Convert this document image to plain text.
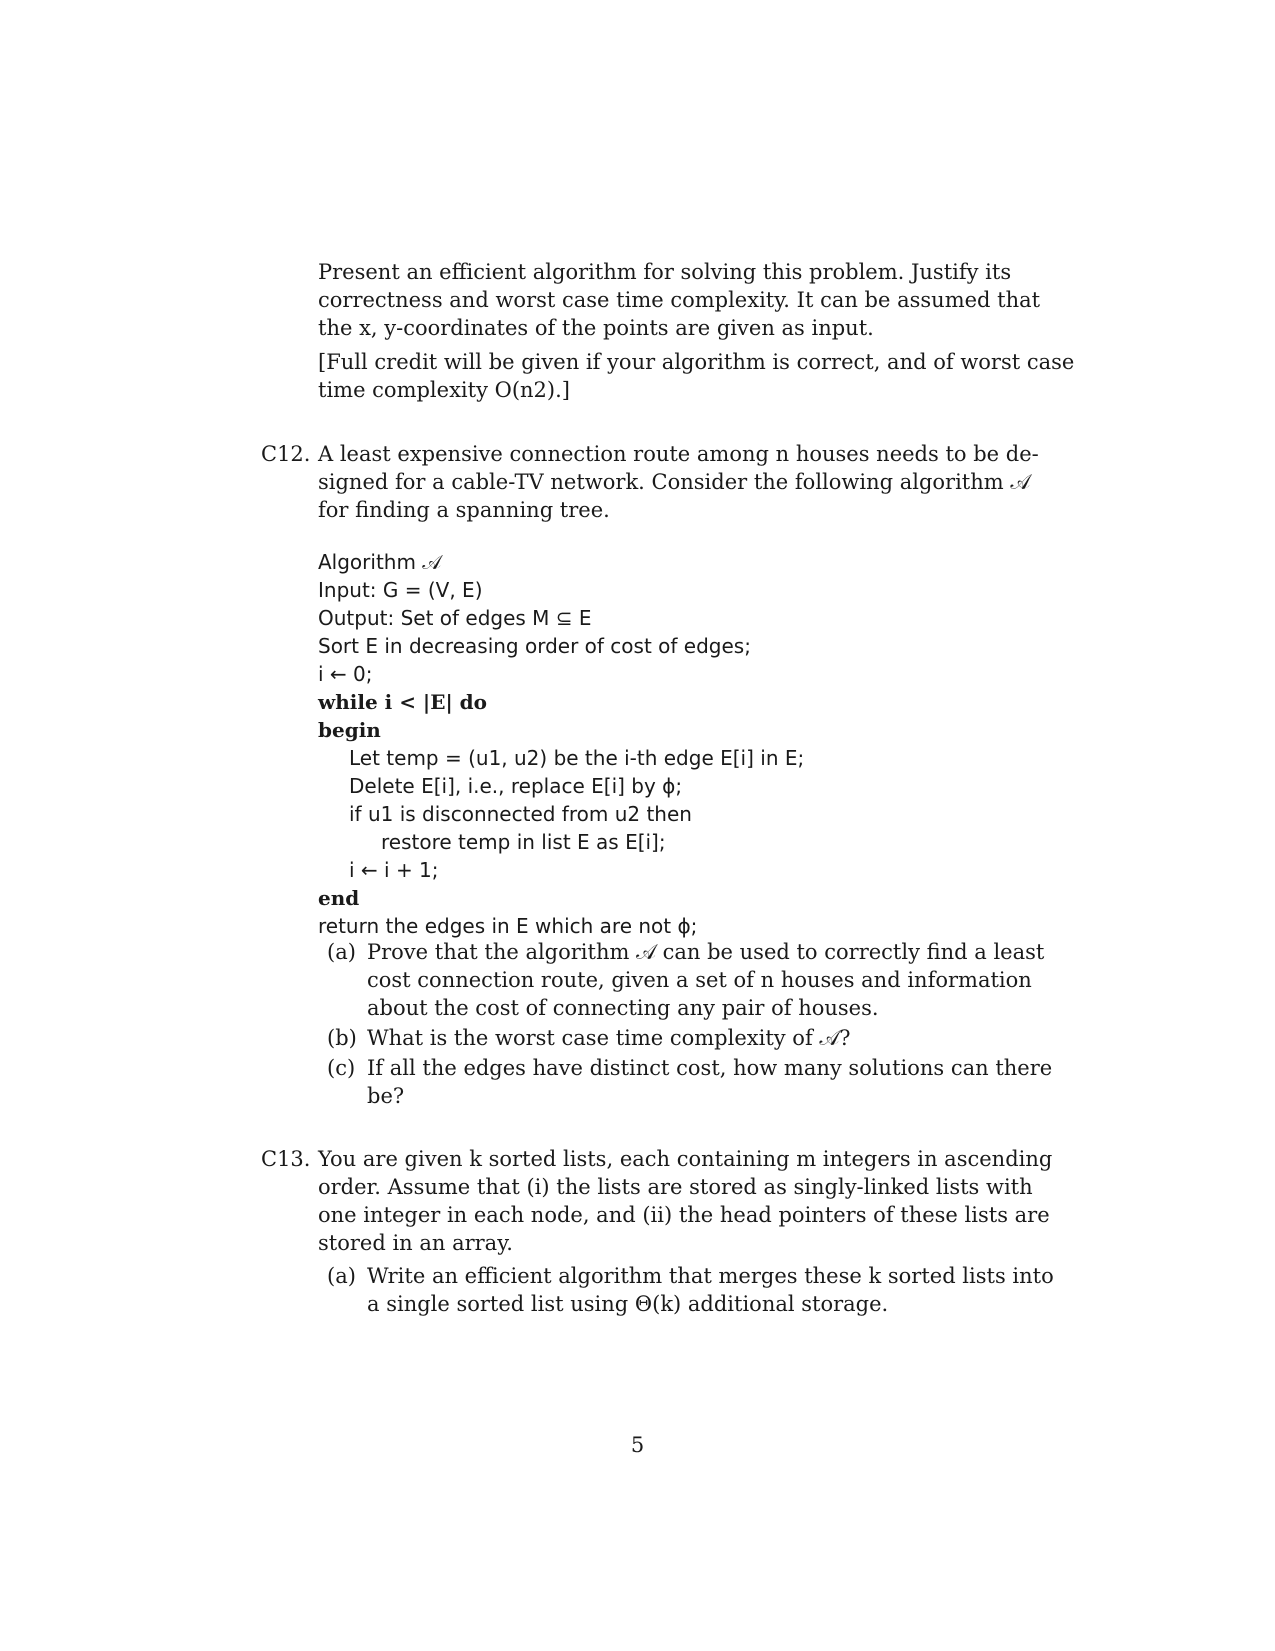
Present an efficient algorithm for solving this problem. Justify its
correctness and worst case time complexity. It can be assumed that
the x, y-coordinates of the points are given as input.
[Full credit will be given if your algorithm is correct, and of worst case
time complexity O(n2).]
C12. A least expensive connection route among n houses needs to be de-
signed for a cable-TV network. Consider the following algorithm 𝒜
for finding a spanning tree.
Algorithm 𝒜
Input: G = (V, E)
Output: Set of edges M ⊆ E
Sort E in decreasing order of cost of edges;
i ← 0;
while i < |E| do
begin
Let temp = (u1, u2) be the i-th edge E[i] in E;
Delete E[i], i.e., replace E[i] by ϕ;
if u1 is disconnected from u2 then
restore temp in list E as E[i];
i ← i + 1;
end
return the edges in E which are not ϕ;
(a) Prove that the algorithm 𝒜 can be used to correctly find a least
cost connection route, given a set of n houses and information
about the cost of connecting any pair of houses.
(b) What is the worst case time complexity of 𝒜?
(c) If all the edges have distinct cost, how many solutions can there
be?
C13. You are given k sorted lists, each containing m integers in ascending
order. Assume that (i) the lists are stored as singly-linked lists with
one integer in each node, and (ii) the head pointers of these lists are
stored in an array.
(a) Write an efficient algorithm that merges these k sorted lists into
a single sorted list using Θ(k) additional storage.
5
